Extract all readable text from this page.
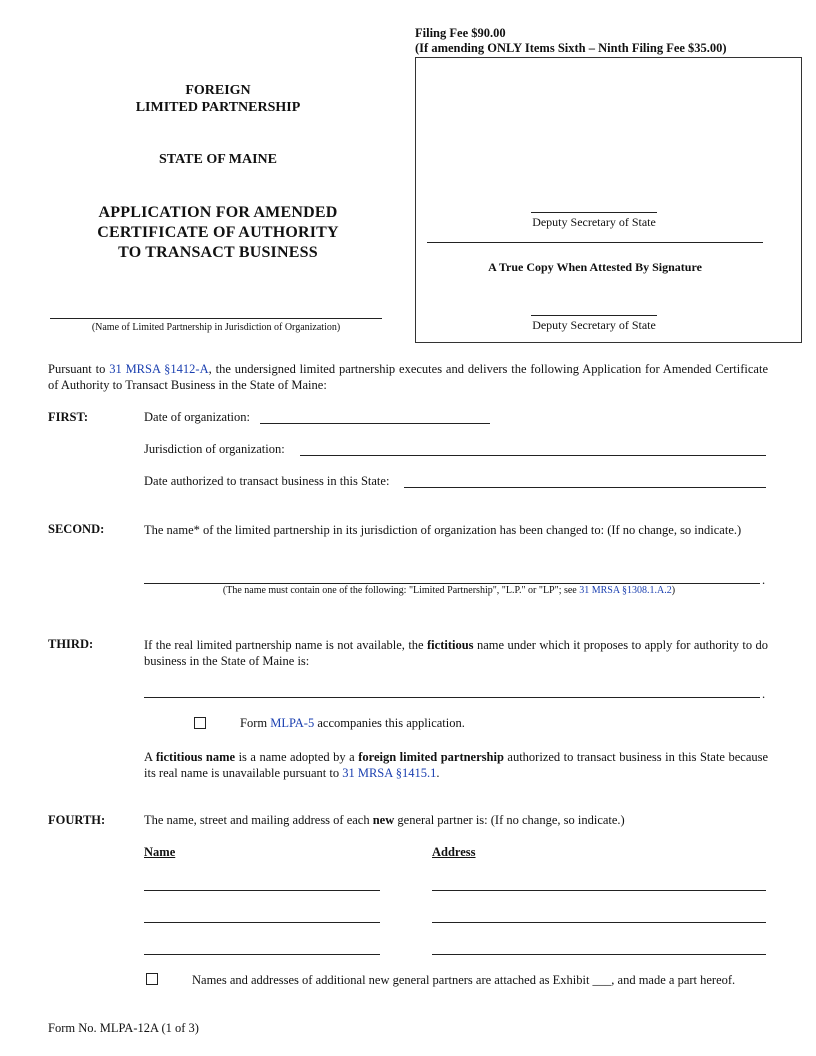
Filing Fee $90.00
(If amending ONLY Items Sixth – Ninth Filing Fee $35.00)
Deputy Secretary of State
A True Copy When Attested By Signature
Deputy Secretary of State
FOREIGN
LIMITED PARTNERSHIP
STATE OF MAINE
APPLICATION FOR AMENDED
CERTIFICATE OF AUTHORITY
TO TRANSACT BUSINESS
(Name of Limited Partnership in Jurisdiction of Organization)
Pursuant to 31 MRSA §1412-A, the undersigned limited partnership executes and delivers the following Application for Amended Certificate of Authority to Transact Business in the State of Maine:
FIRST:	Date of organization:
Jurisdiction of organization:
Date authorized to transact business in this State:
SECOND:	The name* of the limited partnership in its jurisdiction of organization has been changed to: (If no change, so indicate.)
.
(The name must contain one of the following: "Limited Partnership", "L.P." or "LP"; see 31 MRSA §1308.1.A.2)
THIRD:	If the real limited partnership name is not available, the fictitious name under which it proposes to apply for authority to do business in the State of Maine is:
.
Form MLPA-5 accompanies this application.
A fictitious name is a name adopted by a foreign limited partnership authorized to transact business in this State because its real name is unavailable pursuant to 31 MRSA §1415.1.
FOURTH:	The name, street and mailing address of each new general partner is: (If no change, so indicate.)
Name	Address
Names and addresses of additional new general partners are attached as Exhibit ___, and made a part hereof.
Form No. MLPA-12A (1 of 3)
